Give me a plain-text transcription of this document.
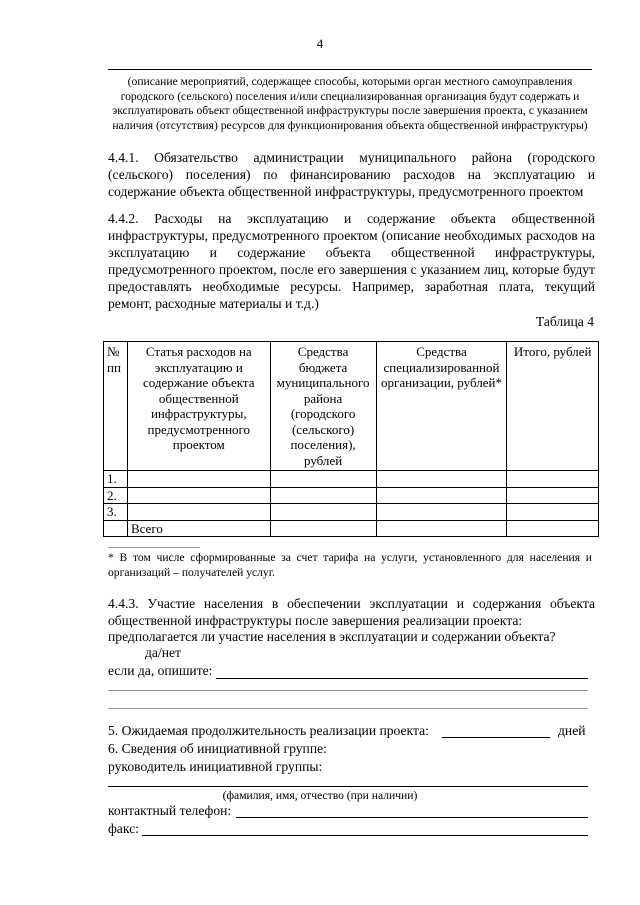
4
(описание мероприятий, содержащее способы, которыми орган местного самоуправления городского (сельского) поселения и/или специализированная организация будут содержать и эксплуатировать объект общественной инфраструктуры после завершения проекта, с указанием наличия (отсутствия) ресурсов для функционирования объекта общественной инфраструктуры)
4.4.1. Обязательство администрации муниципального района (городского (сельского) поселения) по финансированию расходов на эксплуатацию и содержание объекта общественной инфраструктуры, предусмотренного проектом
4.4.2. Расходы на эксплуатацию и содержание объекта общественной инфраструктуры, предусмотренного проектом (описание необходимых расходов на эксплуатацию и содержание объекта общественной инфраструктуры, предусмотренного проектом, после его завершения с указанием лиц, которые будут предоставлять необходимые ресурсы. Например, заработная плата, текущий ремонт, расходные материалы и т.д.)
Таблица 4
№ пп	Статья расходов на эксплуатацию и содержание объекта общественной инфраструктуры, предусмотренного проектом	Средства бюджета муниципального района (городского (сельского) поселения), рублей	Средства специализированной организации, рублей*	Итого, рублей
1.				
2.				
3.				
	Всего			
* В том числе сформированные за счет тарифа на услуги, установленного для населения и организаций – получателей услуг.
4.4.3. Участие населения в обеспечении эксплуатации и содержания объекта общественной инфраструктуры после завершения реализации проекта:
предполагается ли участие населения в эксплуатации и содержании объекта?
да/нет
если да, опишите:
5. Ожидаемая продолжительность реализации проекта:	дней
6. Сведения об инициативной группе:
руководитель инициативной группы:
(фамилия, имя, отчество (при наличии)
контактный телефон:
факс:
